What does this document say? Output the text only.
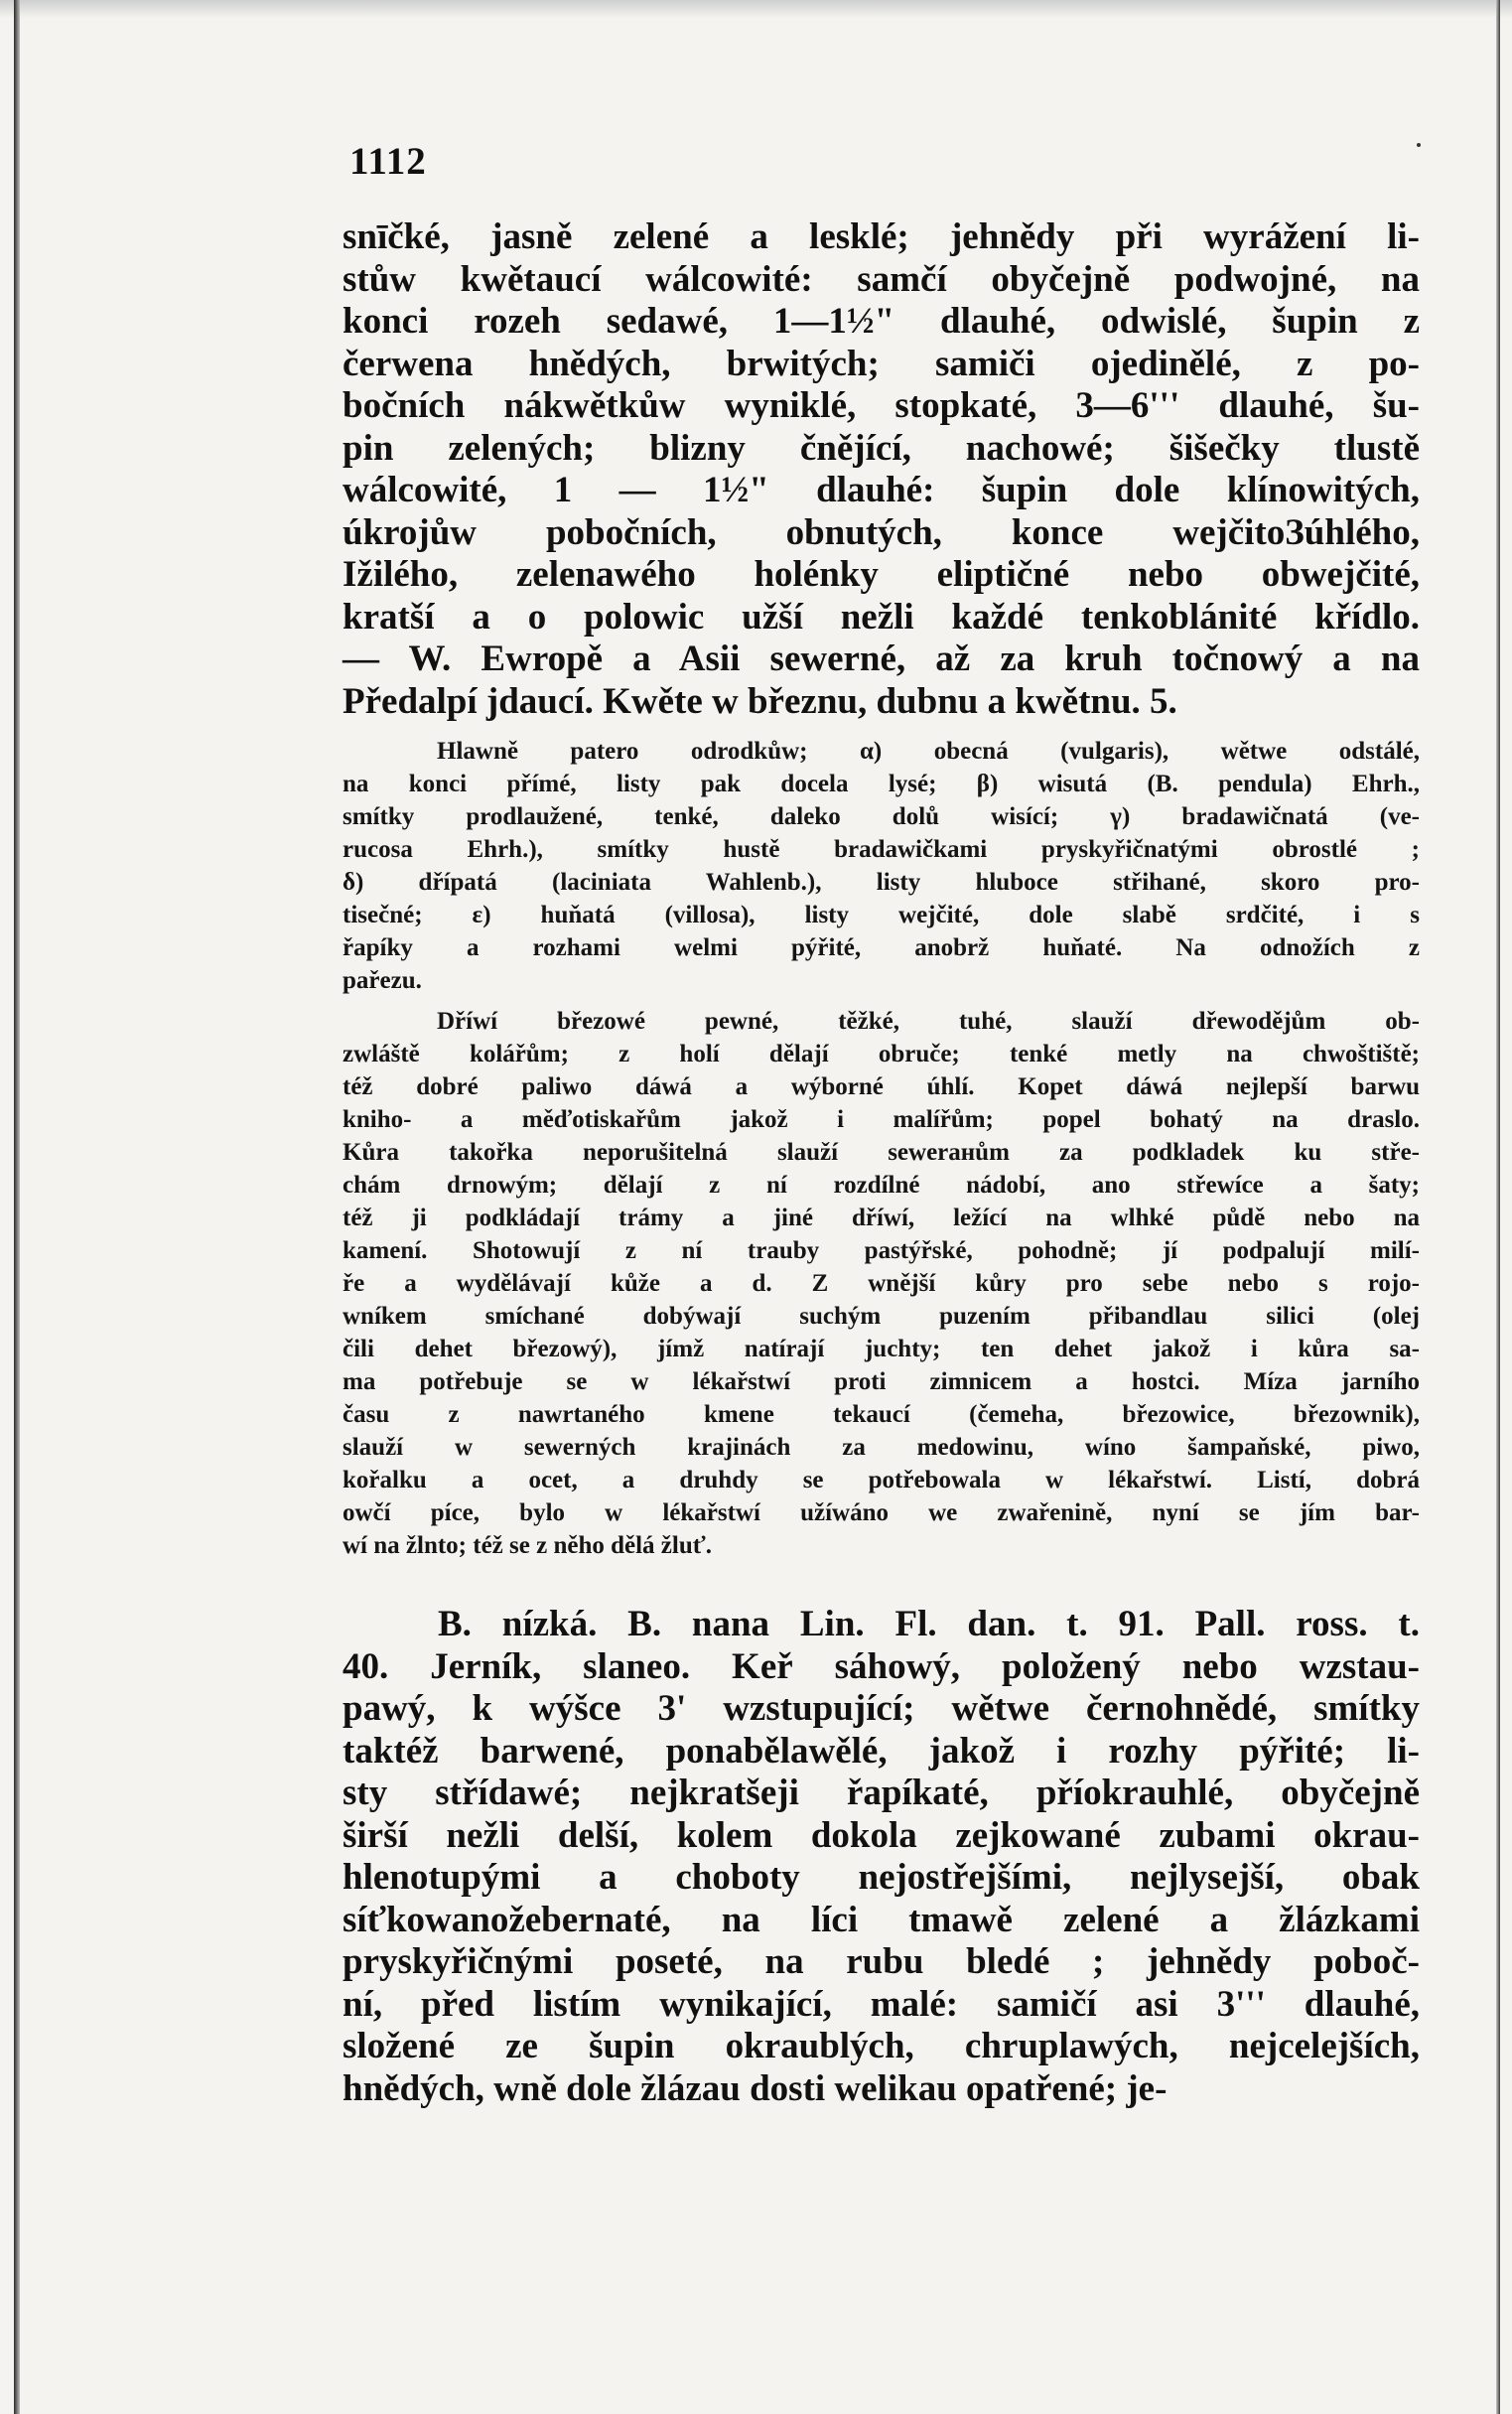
1112
snīčké, jasně zelené a lesklé; jehnědy při wyrážení li-
stůw kwětaucí wálcowité: samčí obyčejně podwojné, na
konci rozeh sedawé, 1—1½" dlauhé, odwislé, šupin z
čerwena hnědých, brwitých; samiči ojedinělé, z po-
bočních nákwětkůw wyniklé, stopkaté, 3—6''' dlauhé, šu-
pin zelených; blizny čnějící, nachowé; šišečky tlustě
wálcowité, 1 — 1½" dlauhé: šupin dole klínowitých,
úkrojůw pobočních, obnutých, konce wejčitoЗúhlého,
Ižilého, zelenawého holénky eliptičné nebo obwejčité,
kratší a o polowic užší nežli každé tenkoblánité křídlo.
— W. Ewropě a Asii sewerné, až za kruh točnowý a na
Předalpí jdaucí. Kwěte w březnu, dubnu a kwětnu. 5.
Hlawně patero odrodkůw; α) obecná (vulgaris), wětwe odstálé,
na konci přímé, listy pak docela lysé; β) wisutá (B. pendula) Ehrh.,
smítky prodlaužené, tenké, daleko dolů wisící; γ) bradawičnatá (ve-
rucosa Ehrh.), smítky hustě bradawičkami pryskyřičnatými obrostlé ;
δ) dřípatá (laciniata Wahlenb.), listy hluboce střihané, skoro pro-
tisečné; ε) huňatá (villosa), listy wejčité, dole slabě srdčité, i s
řapíky a rozhami welmi pýřité, anobrž huňaté. Na odnožích z
pařezu.
Dříwí březowé pewné, těžké, tuhé, slauží dřewodějům ob-
zwláště kolářům; z holí dělají obruče; tenké metly na chwoštiště;
též dobré paliwo dáwá a wýborné úhlí. Kopet dáwá nejlepší barwu
kniho- a měďotiskařům jakož i malířům; popel bohatý na draslo.
Kůra takořka neporušitelná slauží sewerанům za podkladek ku stře-
chám drnowým; dělají z ní rozdílné nádobí, ano střewíce a šaty;
též ji podkládají trámy a jiné dříwí, ležící na wlhké půdě nebo na
kamení. Shotowují z ní trauby pastýřské, pohodně; jí podpalují milí-
ře a wydělávají kůže a d. Z wnější kůry pro sebe nebo s rojo-
wníkem smíchané dobýwají suchým puzením přibandlau silici (olej
čili dehet březowý), jímž natírají juchty; ten dehet jakož i kůra sa-
ma potřebuje se w lékařstwí proti zimnicem a hostci. Míza jarního
času z nawrtaného kmene tekaucí (čemeha, březowice, březownik),
slauží w sewerných krajinách za medowinu, wíno šampaňské, piwo,
kořalku a ocet, a druhdy se potřebowala w lékařstwí. Listí, dobrá
owčí píce, bylo w lékařstwí užíwáno we zwařenině, nyní se jím bar-
wí na žlnto; též se z něho dělá žluť.
B. nízká. B. nana Lin. Fl. dan. t. 91. Pall. ross. t.
40. Jerník, slaneo. Keř sáhowý, položený nebo wzstau-
pawý, k wýšce 3' wzstupující; wětwe černohnědé, smítky
taktéž barwené, ponabělawělé, jakož i rozhy pýřité; li-
sty střídawé; nejkratšeji řapíkaté, příokrauhlé, obyčejně
širší nežli delší, kolem dokola zejkowané zubami okrau-
hlenotupými a choboty nejostřejšími, nejlysejší, obak
síťkowanožebernaté, na líci tmawě zelené a žlázkami
pryskyřičnými poseté, na rubu bledé ; jehnědy poboč-
ní, před listím wynikající, malé: samičí asi 3''' dlauhé,
složené ze šupin okraublých, chruplawých, nejcelejších,
hnědých, wně dole žlázau dosti welikau opatřené; je-
